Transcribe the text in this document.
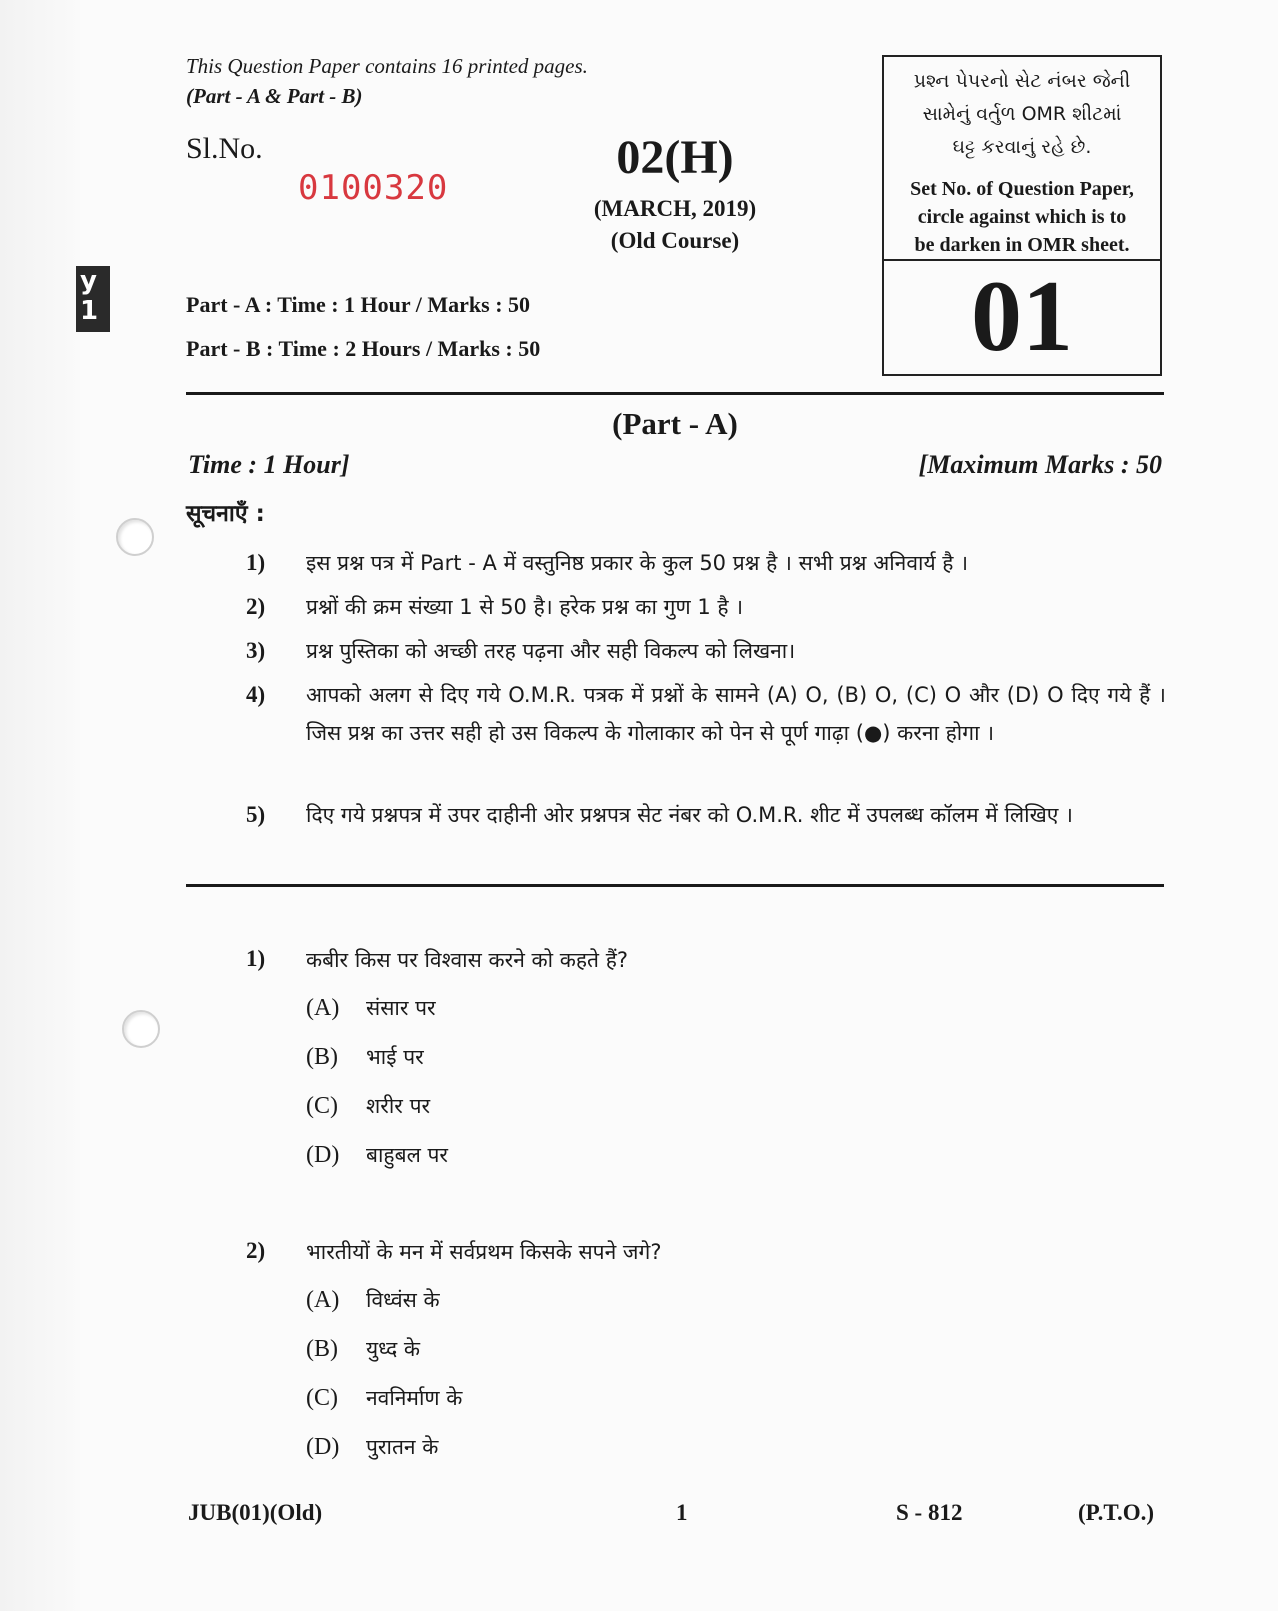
y
1
This Question Paper contains 16 printed pages.
(Part - A & Part - B)
Sl.No.
0100320
02(H)
(MARCH, 2019)
(Old Course)
Part - A : Time : 1 Hour / Marks : 50
Part - B : Time : 2 Hours / Marks : 50
પ્રશ્ન પેપરનો સેટ નંબર જેની
સામેનું વર્તુળ OMR શીટમાં
ઘટ્ટ કરવાનું રહે છે.
Set No. of Question Paper,
circle against which is to
be darken in OMR sheet.
01
(Part - A)
Time : 1 Hour]	[Maximum Marks : 50
सूचनाएँ :
1)	इस प्रश्न पत्र में Part - A में वस्तुनिष्ठ प्रकार के कुल 50 प्रश्न है । सभी प्रश्न अनिवार्य है ।
2)	प्रश्नों की क्रम संख्या 1 से 50 है। हरेक प्रश्न का गुण 1 है ।
3)	प्रश्न पुस्तिका को अच्छी तरह पढ़ना और सही विकल्प को लिखना।
4)	आपको अलग से दिए गये O.M.R. पत्रक में प्रश्नों के सामने (A) O, (B) O, (C) O और (D) O दिए गये हैं । जिस प्रश्न का उत्तर सही हो उस विकल्प के गोलाकार को पेन से पूर्ण गाढ़ा (●) करना होगा ।
5)	दिए गये प्रश्नपत्र में उपर दाहीनी ओर प्रश्नपत्र सेट नंबर को O.M.R. शीट में उपलब्ध कॉलम में लिखिए ।
1) कबीर किस पर विश्वास करने को कहते हैं?
(A) संसार पर
(B) भाई पर
(C) शरीर पर
(D) बाहुबल पर
2) भारतीयों के मन में सर्वप्रथम किसके सपने जगे?
(A) विध्वंस के
(B) युध्द के
(C) नवनिर्माण के
(D) पुरातन के
JUB(01)(Old)	1	S - 812	(P.T.O.)
